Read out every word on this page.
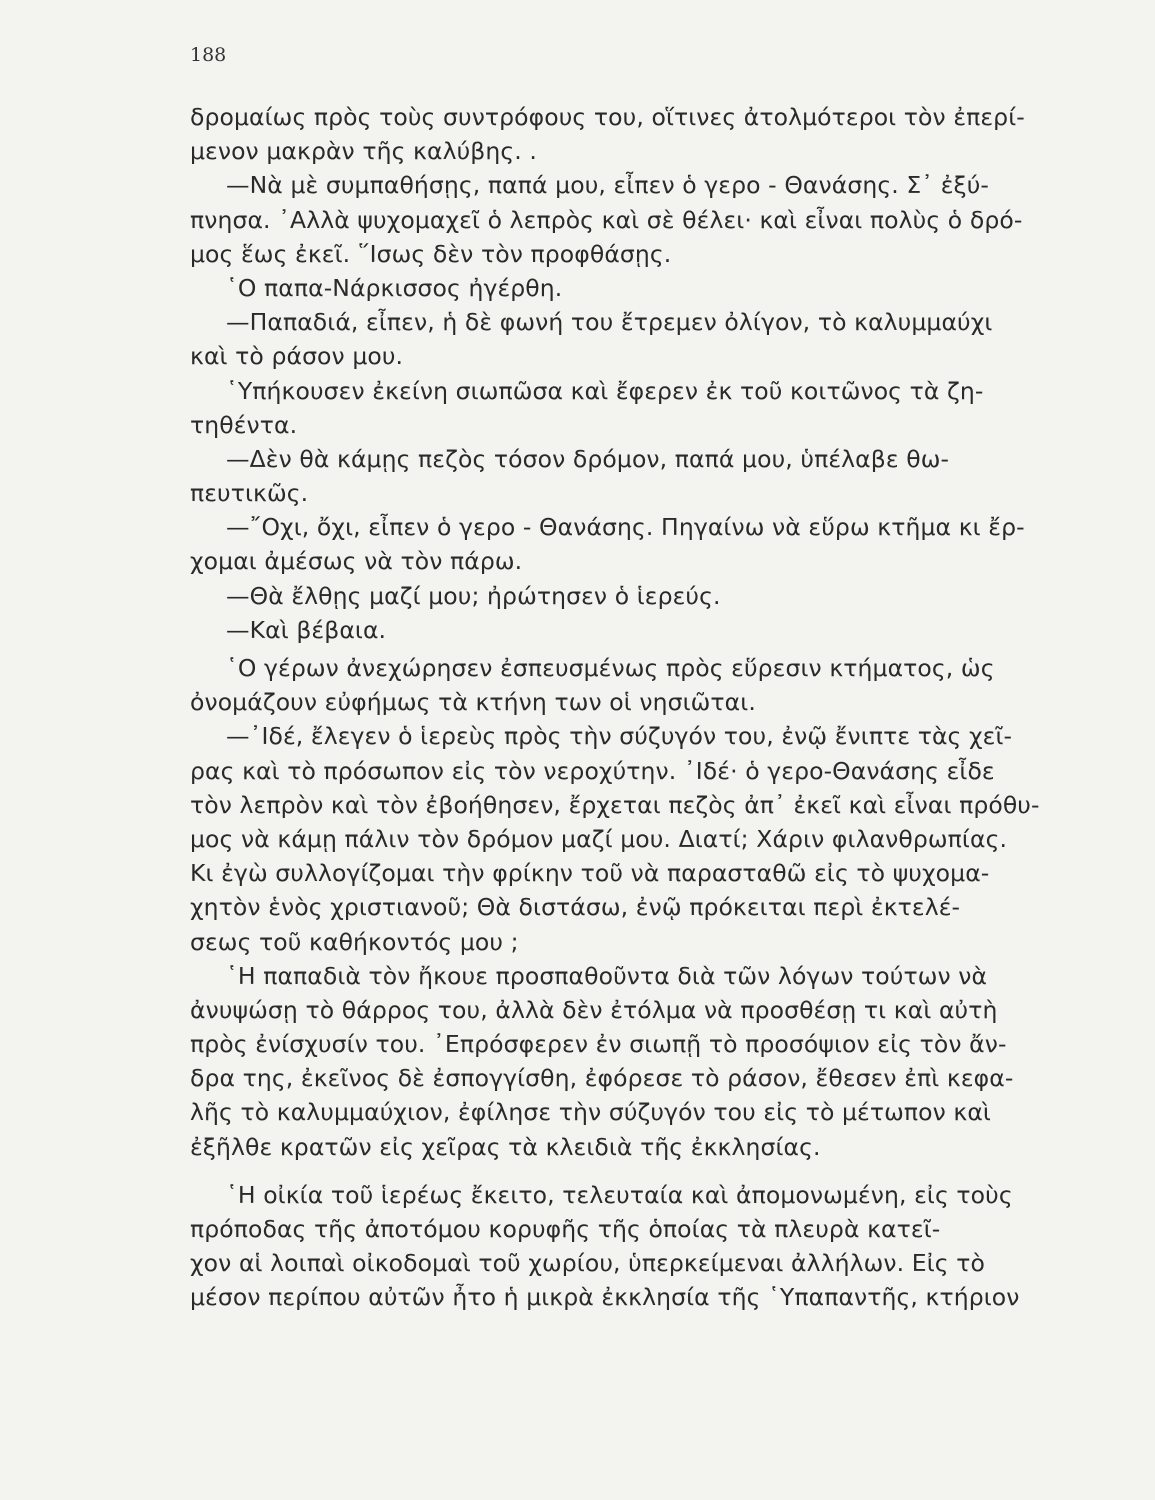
188
δρομαίως πρὸς τοὺς συντρόφους του, οἵτινες ἀτολμότεροι τὸν ἐπερί-
μενον μακρὰν τῆς καλύβης. .
—Νὰ μὲ συμπαθήσῃς, παπά μου, εἶπεν ὁ γερο - Θανάσης. Σ᾽ ἐξύ-
πνησα. ᾿Αλλὰ ψυχομαχεῖ ὁ λεπρὸς καὶ σὲ θέλει· καὶ εἶναι πολὺς ὁ δρό-
μος ἕως ἐκεῖ. ῞Ισως δὲν τὸν προφθάσῃς.
῾Ο παπα-Νάρκισσος ἠγέρθη.
—Παπαδιά, εἶπεν, ἡ δὲ φωνή του ἔτρεμεν ὀλίγον, τὸ καλυμμαύχι
καὶ τὸ ράσον μου.
῾Υπήκουσεν ἐκείνη σιωπῶσα καὶ ἔφερεν ἐκ τοῦ κοιτῶνος τὰ ζη-
τηθέντα.
—Δὲν θὰ κάμῃς πεζὸς τόσον δρόμον, παπά μου, ὑπέλαβε θω-
πευτικῶς.
—῎Οχι, ὄχι, εἶπεν ὁ γερο - Θανάσης. Πηγαίνω νὰ εὕρω κτῆμα κι ἔρ-
χομαι ἀμέσως νὰ τὸν πάρω.
—Θὰ ἔλθῃς μαζί μου; ἠρώτησεν ὁ ἱερεύς.
—Καὶ βέβαια.
῾Ο γέρων ἀνεχώρησεν ἐσπευσμένως πρὸς εὕρεσιν κτήματος, ὡς
ὀνομάζουν εὐφήμως τὰ κτήνη των οἱ νησιῶται.
—᾿Ιδέ, ἔλεγεν ὁ ἱερεὺς πρὸς τὴν σύζυγόν του, ἐνῷ ἔνιπτε τὰς χεῖ-
ρας καὶ τὸ πρόσωπον εἰς τὸν νεροχύτην. ᾿Ιδέ· ὁ γερο-Θανάσης εἶδε
τὸν λεπρὸν καὶ τὸν ἐβοήθησεν, ἔρχεται πεζὸς ἀπ᾽ ἐκεῖ καὶ εἶναι πρόθυ-
μος νὰ κάμῃ πάλιν τὸν δρόμον μαζί μου. Διατί; Χάριν φιλανθρωπίας.
Κι ἐγὼ συλλογίζομαι τὴν φρίκην τοῦ νὰ παρασταθῶ εἰς τὸ ψυχομα-
χητὸν ἑνὸς χριστιανοῦ; Θὰ διστάσω, ἐνῷ πρόκειται περὶ ἐκτελέ-
σεως τοῦ καθήκοντός μου ;
῾Η παπαδιὰ τὸν ἤκουε προσπαθοῦντα διὰ τῶν λόγων τούτων νὰ
ἀνυψώσῃ τὸ θάρρος του, ἀλλὰ δὲν ἐτόλμα νὰ προσθέσῃ τι καὶ αὐτὴ
πρὸς ἐνίσχυσίν του. ᾿Επρόσφερεν ἐν σιωπῇ τὸ προσόψιον εἰς τὸν ἄν-
δρα της, ἐκεῖνος δὲ ἐσπογγίσθη, ἐφόρεσε τὸ ράσον, ἔθεσεν ἐπὶ κεφα-
λῆς τὸ καλυμμαύχιον, ἐφίλησε τὴν σύζυγόν του εἰς τὸ μέτωπον καὶ
ἐξῆλθε κρατῶν εἰς χεῖρας τὰ κλειδιὰ τῆς ἐκκλησίας.
῾Η οἰκία τοῦ ἱερέως ἔκειτο, τελευταία καὶ ἀπομονωμένη, εἰς τοὺς
πρόποδας τῆς ἀποτόμου κορυφῆς τῆς ὁποίας τὰ πλευρὰ κατεῖ-
χον αἱ λοιπαὶ οἰκοδομαὶ τοῦ χωρίου, ὑπερκείμεναι ἀλλήλων. Εἰς τὸ
μέσον περίπου αὐτῶν ἦτο ἡ μικρὰ ἐκκλησία τῆς ῾Υπαπαντῆς, κτήριον
